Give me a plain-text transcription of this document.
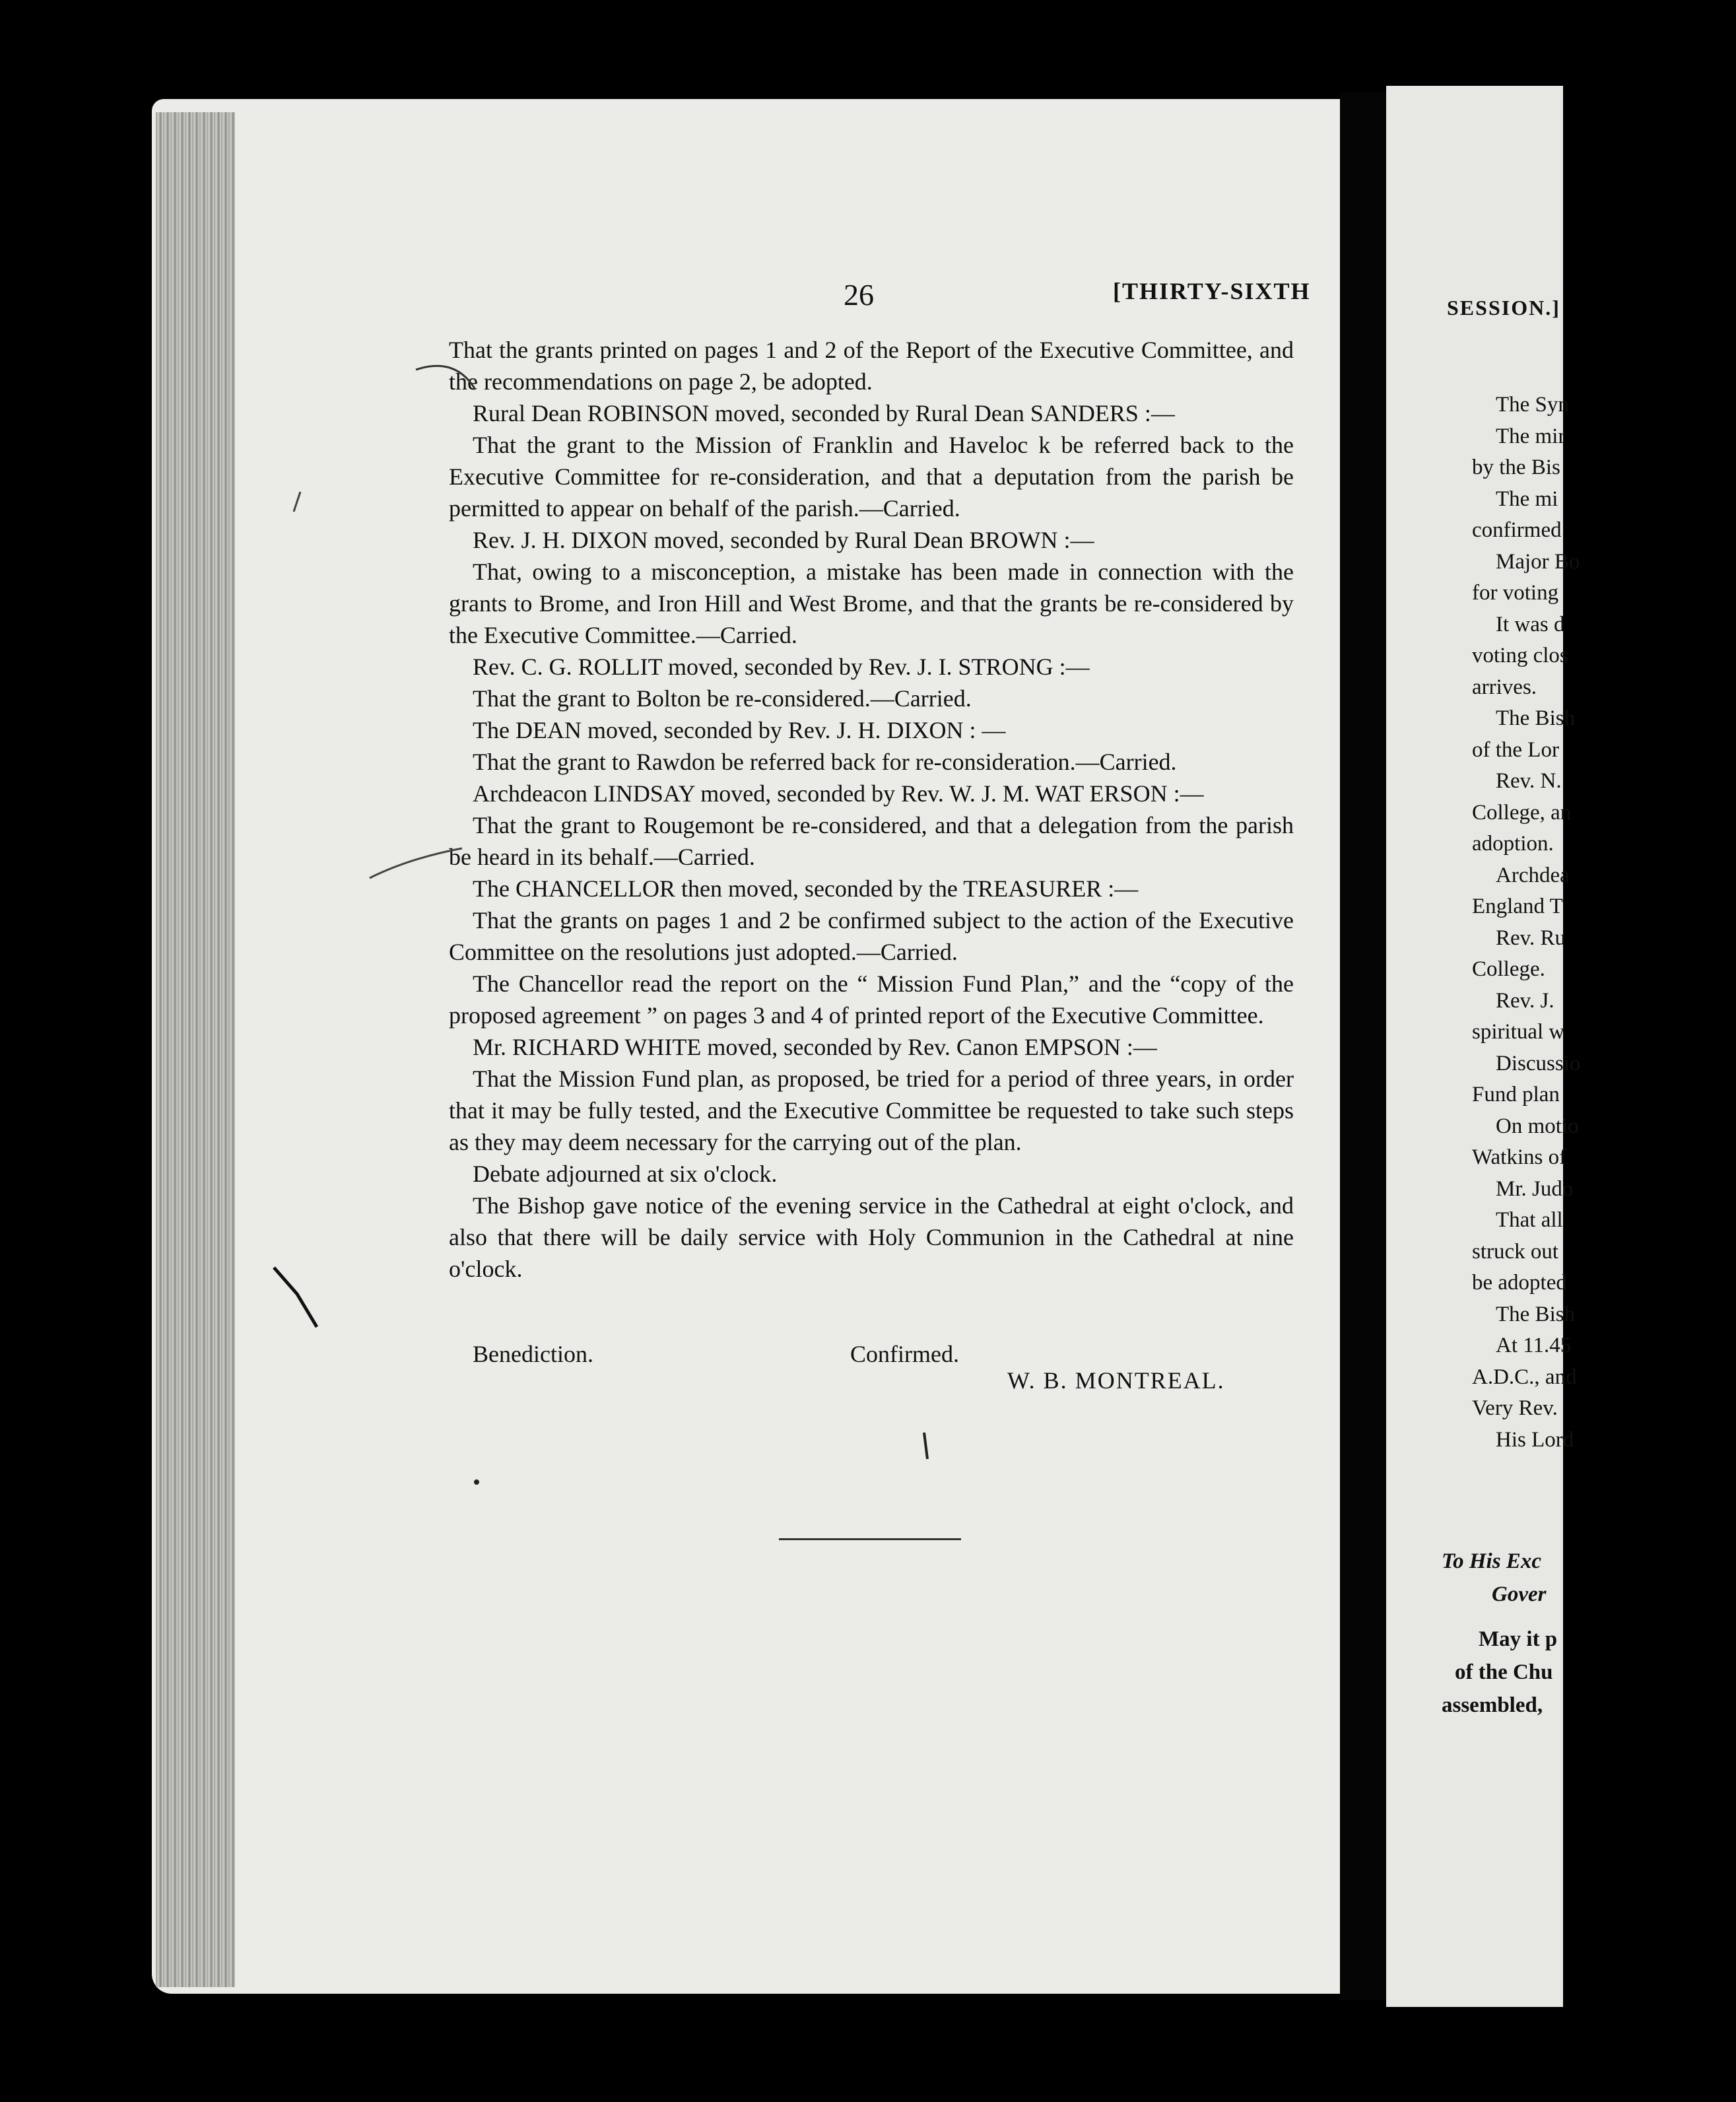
26	[THIRTY-SIXTH

That the grants printed on pages 1 and 2 of the Report of the Executive Committee, and the recommendations on page 2, be adopted.

Rural Dean ROBINSON moved, seconded by Rural Dean SANDERS :—

That the grant to the Mission of Franklin and Haveloc k be referred back to the Executive Committee for re-consideration, and that a deputation from the parish be permitted to appear on behalf of the parish.—Carried.

Rev. J. H. DIXON moved, seconded by Rural Dean BROWN :—

That, owing to a misconception, a mistake has been made in connection with the grants to Brome, and Iron Hill and West Brome, and that the grants be re-considered by the Executive Committee.—Carried.

Rev. C. G. ROLLIT moved, seconded by Rev. J. I. STRONG :—

That the grant to Bolton be re-considered.—Carried.

The DEAN moved, seconded by Rev. J. H. DIXON : —

That the grant to Rawdon be referred back for re-consideration.—Carried.

Archdeacon LINDSAY moved, seconded by Rev. W. J. M. WAT ERSON :—

That the grant to Rougemont be re-considered, and that a delegation from the parish be heard in its behalf.—Carried.

The CHANCELLOR then moved, seconded by the TREASURER :—

That the grants on pages 1 and 2 be confirmed subject to the action of the Executive Committee on the resolutions just adopted.—Carried.

The Chancellor read the report on the “ Mission Fund Plan,” and the “copy of the proposed agreement ” on pages 3 and 4 of printed report of the Executive Committee.

Mr. RICHARD WHITE moved, seconded by Rev. Canon EMPSON :—

That the Mission Fund plan, as proposed, be tried for a period of three years, in order that it may be fully tested, and the Executive Committee be requested to take such steps as they may deem necessary for the carrying out of the plan.

Debate adjourned at six o'clock.

The Bishop gave notice of the evening service in the Cathedral at eight o'clock, and also that there will be daily service with Holy Communion in the Cathedral at nine o'clock.

Benediction.	Confirmed.
W. B. MONTREAL.
SESSION.]
The Syn
The mir
by the Bis
The mi
confirmed
Major Bo
for voting
It was d
voting clos
arrives.
The Bish
of the Lor
Rev. N.
College, an
adoption.
Archdea
England T
Rev. Ru
College.
Rev. J.
spiritual w
Discussio
Fund plan
On motio
Watkins of
Mr. Judo
That all
struck out
be adopted
The Bish
At 11.45
A.D.C., and
Very Rev.
His Lord
To His Exc
Gover
May it p
of the Chu
assembled,
